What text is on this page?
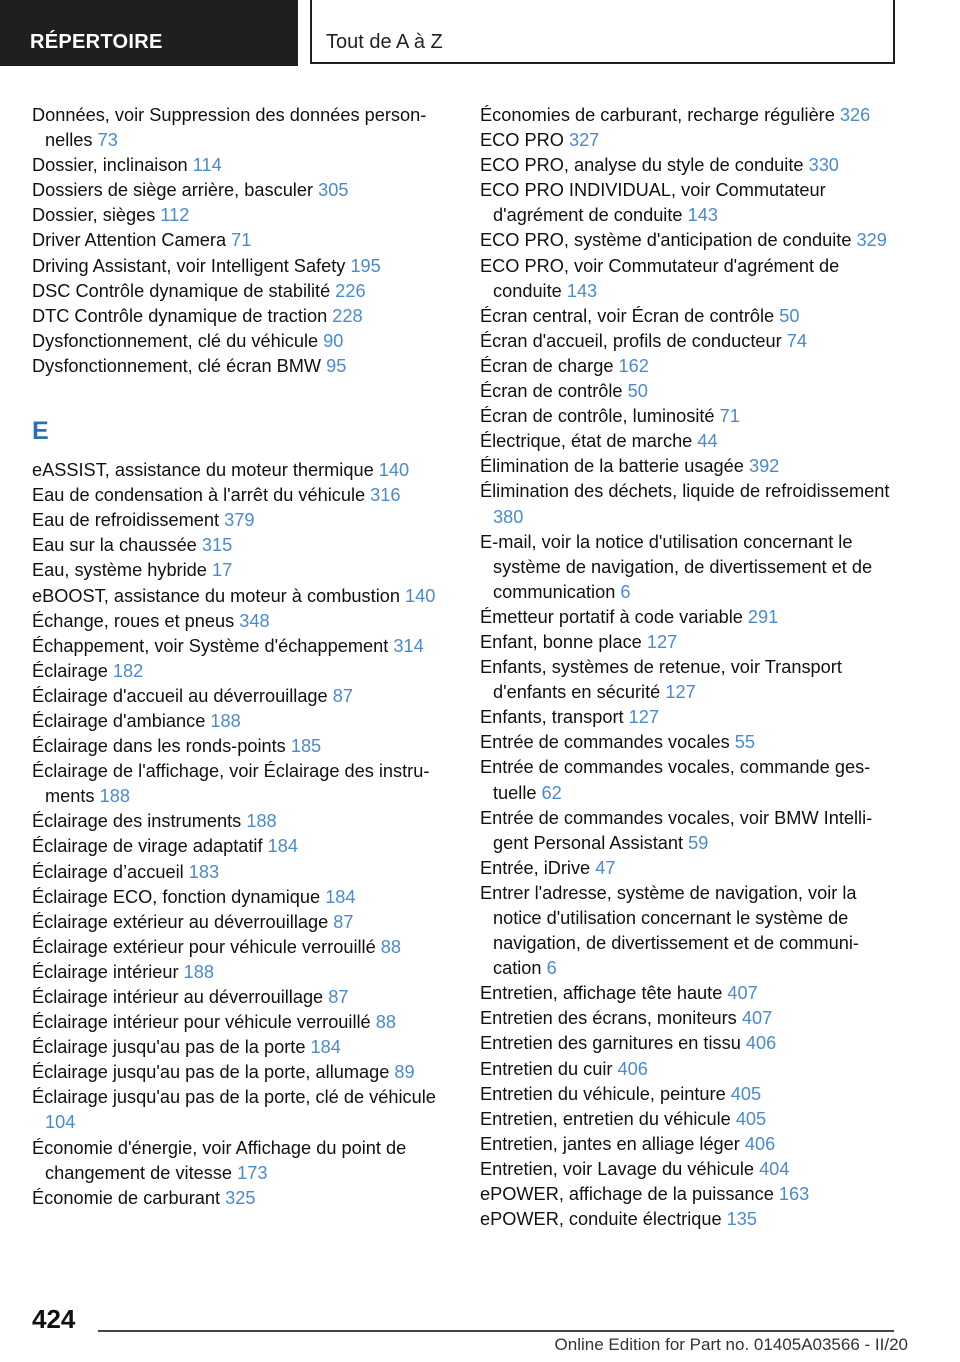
RÉPERTOIRE	Tout de A à Z
Données, voir Suppression des données personnelles 73
Dossier, inclinaison 114
Dossiers de siège arrière, basculer 305
Dossier, sièges 112
Driver Attention Camera 71
Driving Assistant, voir Intelligent Safety 195
DSC Contrôle dynamique de stabilité 226
DTC Contrôle dynamique de traction 228
Dysfonctionnement, clé du véhicule 90
Dysfonctionnement, clé écran BMW 95
E
eASSIST, assistance du moteur thermique 140
Eau de condensation à l'arrêt du véhicule 316
Eau de refroidissement 379
Eau sur la chaussée 315
Eau, système hybride 17
eBOOST, assistance du moteur à combustion 140
Échange, roues et pneus 348
Échappement, voir Système d'échappement 314
Éclairage 182
Éclairage d'accueil au déverrouillage 87
Éclairage d'ambiance 188
Éclairage dans les ronds-points 185
Éclairage de l'affichage, voir Éclairage des instruments 188
Éclairage des instruments 188
Éclairage de virage adaptatif 184
Éclairage d’accueil 183
Éclairage ECO, fonction dynamique 184
Éclairage extérieur au déverrouillage 87
Éclairage extérieur pour véhicule verrouillé 88
Éclairage intérieur 188
Éclairage intérieur au déverrouillage 87
Éclairage intérieur pour véhicule verrouillé 88
Éclairage jusqu'au pas de la porte 184
Éclairage jusqu'au pas de la porte, allumage 89
Éclairage jusqu'au pas de la porte, clé de véhicule 104
Économie d'énergie, voir Affichage du point de changement de vitesse 173
Économie de carburant 325
Économies de carburant, recharge régulière 326
ECO PRO 327
ECO PRO, analyse du style de conduite 330
ECO PRO INDIVIDUAL, voir Commutateur d'agrément de conduite 143
ECO PRO, système d'anticipation de conduite 329
ECO PRO, voir Commutateur d'agrément de conduite 143
Écran central, voir Écran de contrôle 50
Écran d'accueil, profils de conducteur 74
Écran de charge 162
Écran de contrôle 50
Écran de contrôle, luminosité 71
Électrique, état de marche 44
Élimination de la batterie usagée 392
Élimination des déchets, liquide de refroidissement 380
E-mail, voir la notice d'utilisation concernant le système de navigation, de divertissement et de communication 6
Émetteur portatif à code variable 291
Enfant, bonne place 127
Enfants, systèmes de retenue, voir Transport d'enfants en sécurité 127
Enfants, transport 127
Entrée de commandes vocales 55
Entrée de commandes vocales, commande gestuelle 62
Entrée de commandes vocales, voir BMW Intelligent Personal Assistant 59
Entrée, iDrive 47
Entrer l'adresse, système de navigation, voir la notice d'utilisation concernant le système de navigation, de divertissement et de communication 6
Entretien, affichage tête haute 407
Entretien des écrans, moniteurs 407
Entretien des garnitures en tissu 406
Entretien du cuir 406
Entretien du véhicule, peinture 405
Entretien, entretien du véhicule 405
Entretien, jantes en alliage léger 406
Entretien, voir Lavage du véhicule 404
ePOWER, affichage de la puissance 163
ePOWER, conduite électrique 135
424
Online Edition for Part no. 01405A03566 - II/20
